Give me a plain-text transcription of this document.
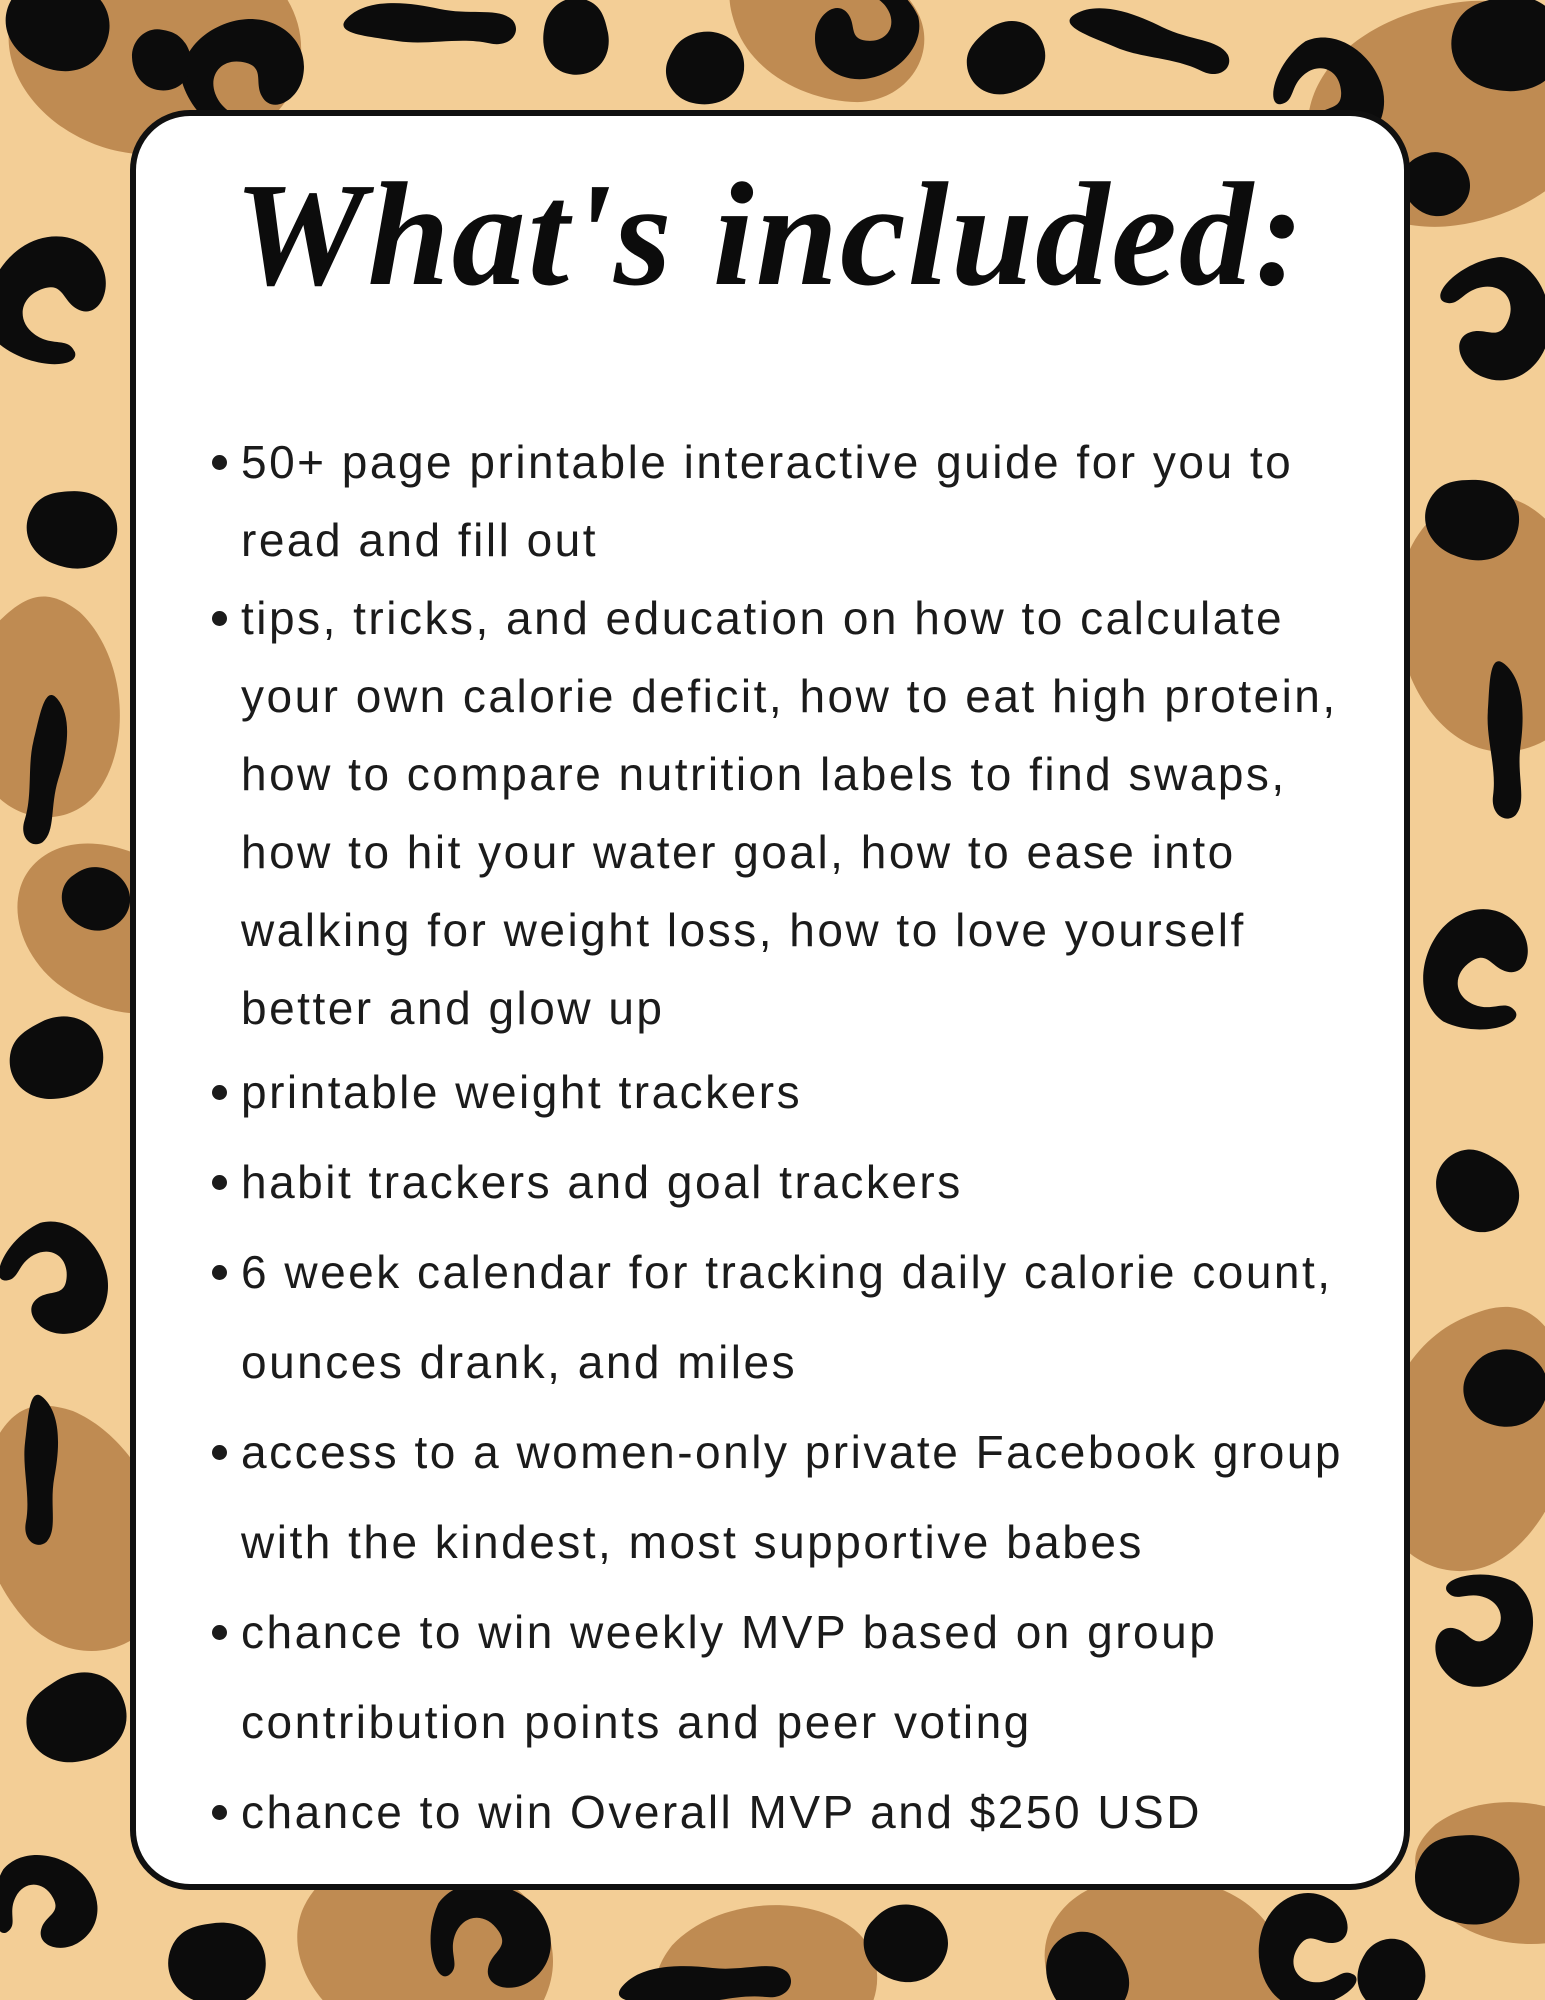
What's included:
50+ page printable interactive guide for you to read and fill out
tips, tricks, and education on how to calculate your own calorie deficit, how to eat high protein, how to compare nutrition labels to find swaps, how to hit your water goal, how to ease into walking for weight loss, how to love yourself better and glow up
printable weight trackers
habit trackers and goal trackers
6 week calendar for tracking daily calorie count, ounces drank, and miles
access to a women-only private Facebook group with the kindest, most supportive babes
chance to win weekly MVP based on group contribution points and peer voting
chance to win Overall MVP and $250 USD
